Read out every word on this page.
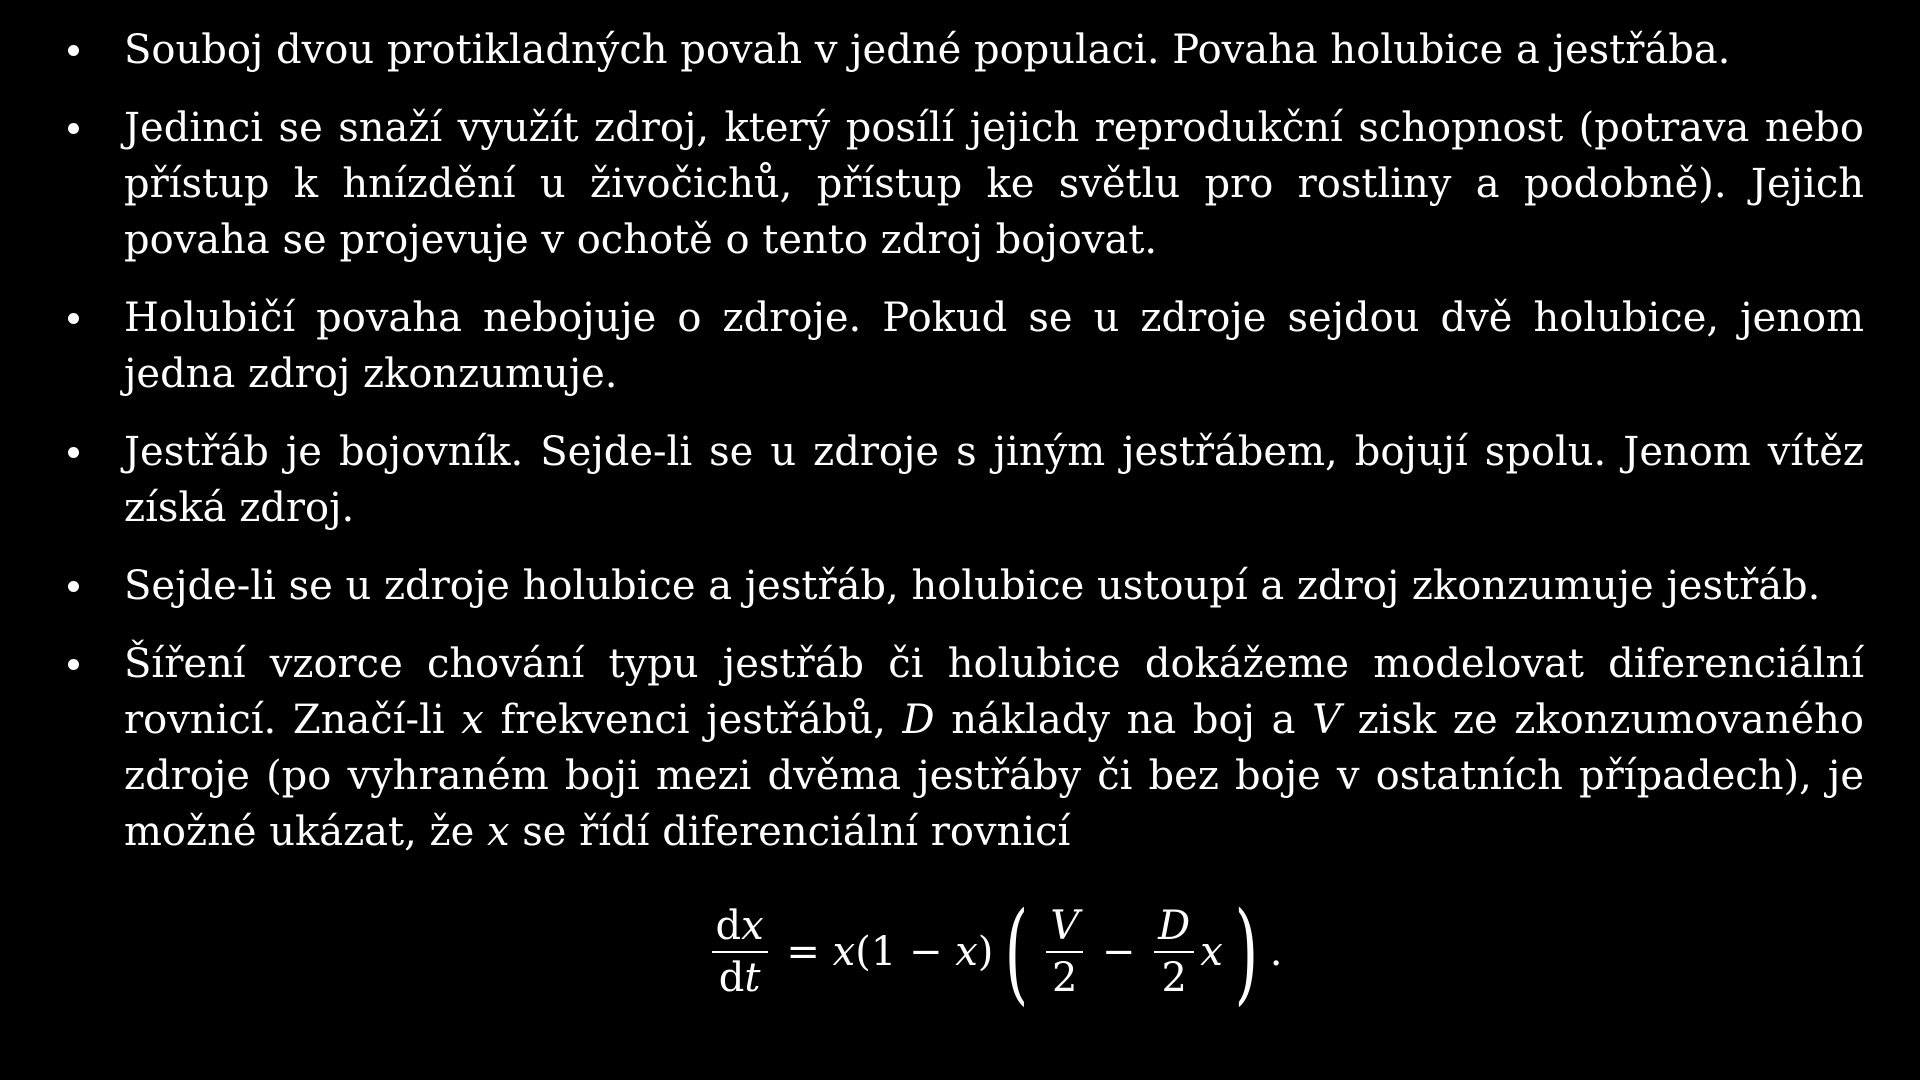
Souboj dvou protikladných povah v jedné populaci. Povaha holubice a jestřába.
Jedinci se snaží využít zdroj, který posílí jejich reprodukční schopnost (potrava nebo přístup k hnízdění u živočichů, přístup ke světlu pro rostliny a podobně). Jejich povaha se projevuje v ochotě o tento zdroj bojovat.
Holubičí povaha nebojuje o zdroje. Pokud se u zdroje sejdou dvě holubice, jenom jedna zdroj zkonzumuje.
Jestřáb je bojovník. Sejde-li se u zdroje s jiným jestřábem, bojují spolu. Jenom vítěz získá zdroj.
Sejde-li se u zdroje holubice a jestřáb, holubice ustoupí a zdroj zkonzumuje jestřáb.
Šíření vzorce chování typu jestřáb či holubice dokážeme modelovat diferenciální rovnicí. Značí-li x frekvenci jestřábů, D náklady na boj a V zisk ze zkonzumovaného zdroje (po vyhraném boji mezi dvěma jestřáby či bez boje v ostatních případech), je možné ukázat, že x se řídí diferenciální rovnicí
$\frac{dx}{dt} = x$ ( 1 − x ) ( $\frac{V}{2} - \frac{D}{2}$ x ) .
